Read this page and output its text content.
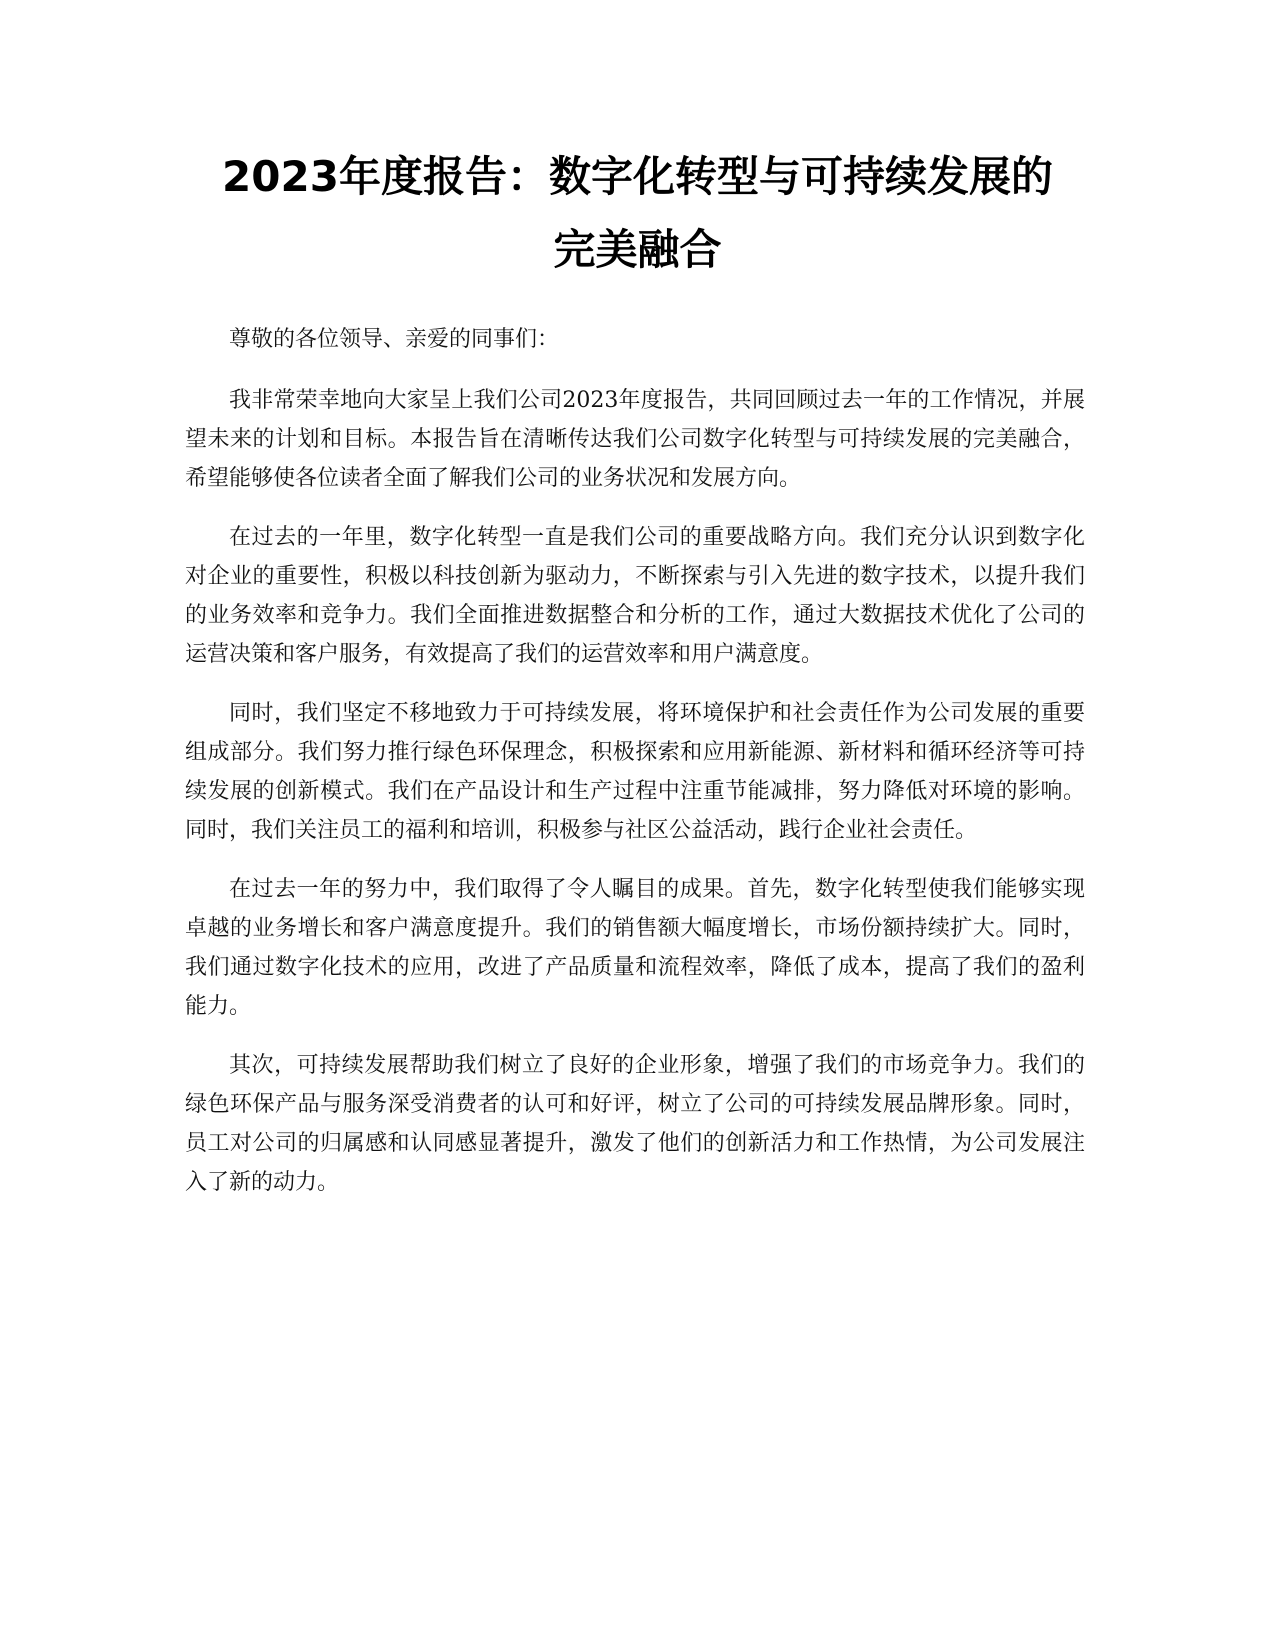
2023年度报告：数字化转型与可持续发展的
完美融合

尊敬的各位领导、亲爱的同事们：

我非常荣幸地向大家呈上我们公司2023年度报告，共同回顾过去一年的工作情况，并展望未来的计划和目标。本报告旨在清晰传达我们公司数字化转型与可持续发展的完美融合，希望能够使各位读者全面了解我们公司的业务状况和发展方向。

在过去的一年里，数字化转型一直是我们公司的重要战略方向。我们充分认识到数字化对企业的重要性，积极以科技创新为驱动力，不断探索与引入先进的数字技术，以提升我们的业务效率和竞争力。我们全面推进数据整合和分析的工作，通过大数据技术优化了公司的运营决策和客户服务，有效提高了我们的运营效率和用户满意度。

同时，我们坚定不移地致力于可持续发展，将环境保护和社会责任作为公司发展的重要组成部分。我们努力推行绿色环保理念，积极探索和应用新能源、新材料和循环经济等可持续发展的创新模式。我们在产品设计和生产过程中注重节能减排，努力降低对环境的影响。同时，我们关注员工的福利和培训，积极参与社区公益活动，践行企业社会责任。

在过去一年的努力中，我们取得了令人瞩目的成果。首先，数字化转型使我们能够实现卓越的业务增长和客户满意度提升。我们的销售额大幅度增长，市场份额持续扩大。同时，我们通过数字化技术的应用，改进了产品质量和流程效率，降低了成本，提高了我们的盈利能力。

其次，可持续发展帮助我们树立了良好的企业形象，增强了我们的市场竞争力。我们的绿色环保产品与服务深受消费者的认可和好评，树立了公司的可持续发展品牌形象。同时，员工对公司的归属感和认同感显著提升，激发了他们的创新活力和工作热情，为公司发展注入了新的动力。
